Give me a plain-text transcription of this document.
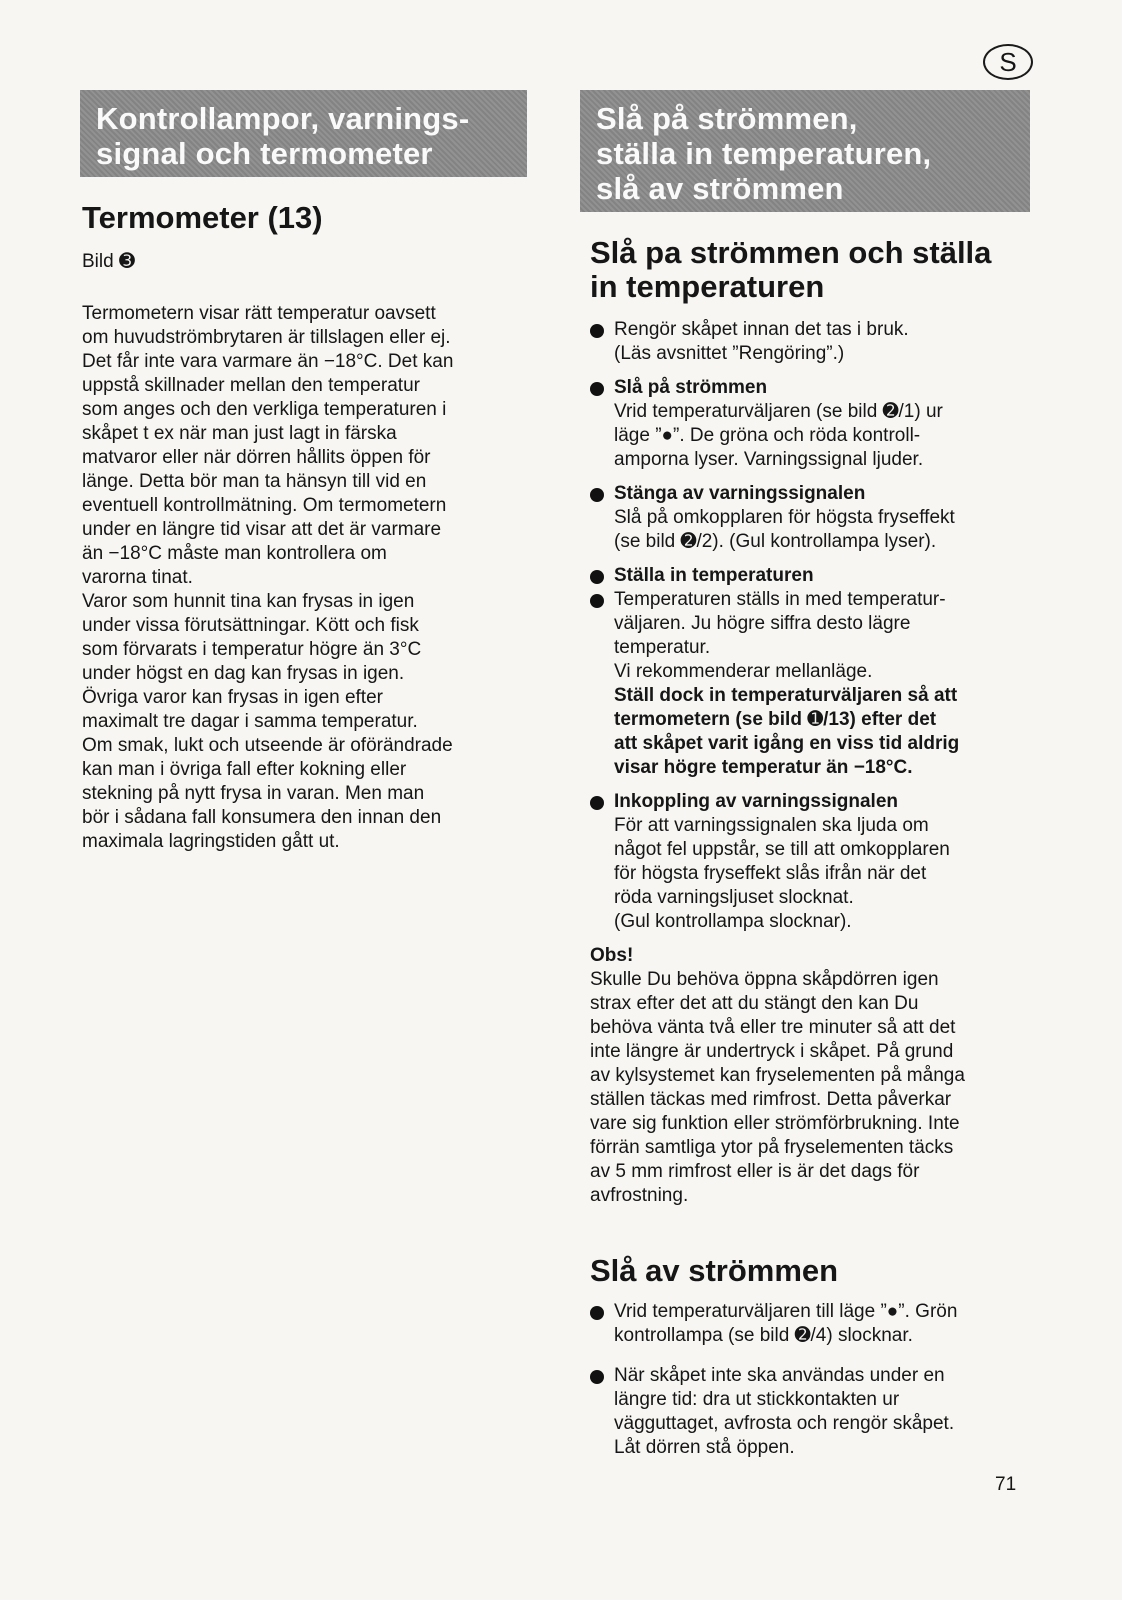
S
Kontrollampor, varnings-
signal och termometer
Slå på strömmen,
ställa in temperaturen,
slå av strömmen
Termometer (13)
Bild ➌

Termometern visar rätt temperatur oavsett

om huvudströmbrytaren är tillslagen eller ej.

Det får inte vara varmare än −18°C. Det kan

uppstå skillnader mellan den temperatur

som anges och den verkliga temperaturen i

skåpet t ex när man just lagt in färska

matvaror eller när dörren hållits öppen för

länge. Detta bör man ta hänsyn till vid en

eventuell kontrollmätning. Om termometern

under en längre tid visar att det är varmare

än −18°C måste man kontrollera om

varorna tinat.

Varor som hunnit tina kan frysas in igen

under vissa förutsättningar. Kött och fisk

som förvarats i temperatur högre än 3°C

under högst en dag kan frysas in igen.

Övriga varor kan frysas in igen efter

maximalt tre dagar i samma temperatur.

Om smak, lukt och utseende är oförändrade

kan man i övriga fall efter kokning eller

stekning på nytt frysa in varan. Men man

bör i sådana fall konsumera den innan den

maximala lagringstiden gått ut.

Slå pa strömmen och ställa
in temperaturen
Rengör skåpet innan det tas i bruk.
(Läs avsnittet ”Rengöring”.)
Slå på strömmen
Vrid temperaturväljaren (se bild ➋/1) ur
läge ”●”. De gröna och röda kontroll-
amporna lyser. Varningssignal ljuder.
Stänga av varningssignalen
Slå på omkopplaren för högsta fryseffekt
(se bild ➋/2). (Gul kontrollampa lyser).
Ställa in temperaturen
Temperaturen ställs in med temperatur-
väljaren. Ju högre siffra desto lägre
temperatur.
Vi rekommenderar mellanläge.
Ställ dock in temperaturväljaren så att
termometern (se bild ➊/13) efter det
att skåpet varit igång en viss tid aldrig
visar högre temperatur än −18°C.
Inkoppling av varningssignalen
För att varningssignalen ska ljuda om
något fel uppstår, se till att omkopplaren
för högsta fryseffekt slås ifrån när det
röda varningsljuset slocknat.
(Gul kontrollampa slocknar).
Obs!
Skulle Du behöva öppna skåpdörren igen
strax efter det att du stängt den kan Du
behöva vänta två eller tre minuter så att det
inte längre är undertryck i skåpet. På grund
av kylsystemet kan fryselementen på många
ställen täckas med rimfrost. Detta påverkar
vare sig funktion eller strömförbrukning. Inte
förrän samtliga ytor på fryselementen täcks
av 5 mm rimfrost eller is är det dags för
avfrostning.
Slå av strömmen
Vrid temperaturväljaren till läge ”●”. Grön
kontrollampa (se bild ➋/4) slocknar.
När skåpet inte ska användas under en
längre tid: dra ut stickkontakten ur
vägguttaget, avfrosta och rengör skåpet.
Låt dörren stå öppen.
71
